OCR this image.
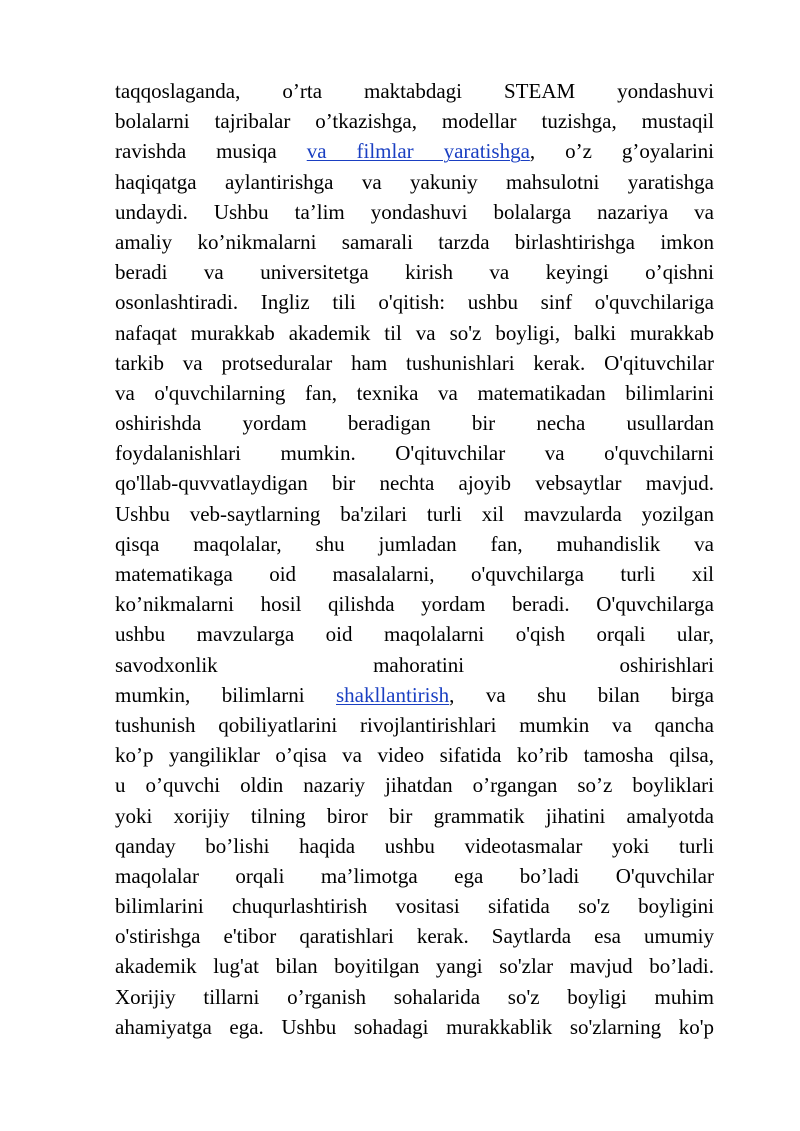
taqqoslaganda, o’rta maktabdagi STEAM yondashuvi
bolalarni tajribalar o’tkazishga, modellar tuzishga, mustaqil
ravishda musiqa va filmlar yaratishga, o’z g’oyalarini
haqiqatga aylantirishga va yakuniy mahsulotni yaratishga
undaydi. Ushbu ta’lim yondashuvi bolalarga nazariya va
amaliy ko’nikmalarni samarali tarzda birlashtirishga imkon
beradi va universitetga kirish va keyingi o’qishni
osonlashtiradi. Ingliz tili o'qitish: ushbu sinf o'quvchilariga
nafaqat murakkab akademik til va so'z boyligi, balki murakkab
tarkib va protseduralar ham tushunishlari kerak. O'qituvchilar
va o'quvchilarning fan, texnika va matematikadan bilimlarini
oshirishda yordam beradigan bir necha usullardan
foydalanishlari mumkin. O'qituvchilar va o'quvchilarni
qo'llab-quvvatlaydigan bir nechta ajoyib vebsaytlar mavjud.
Ushbu veb-saytlarning ba'zilari turli xil mavzularda yozilgan
qisqa maqolalar, shu jumladan fan, muhandislik va
matematikaga oid masalalarni, o'quvchilarga turli xil
ko’nikmalarni hosil qilishda yordam beradi. O'quvchilarga
ushbu mavzularga oid maqolalarni o'qish orqali ular,
savodxonlik mahoratini oshirishlari
mumkin, bilimlarni shakllantirish, va shu bilan birga
tushunish qobiliyatlarini rivojlantirishlari mumkin va qancha
ko’p yangiliklar o’qisa va video sifatida ko’rib tamosha qilsa,
u o’quvchi oldin nazariy jihatdan o’rgangan so’z boyliklari
yoki xorijiy tilning biror bir grammatik jihatini amalyotda
qanday bo’lishi haqida ushbu videotasmalar yoki turli
maqolalar orqali ma’limotga ega bo’ladi O'quvchilar
bilimlarini chuqurlashtirish vositasi sifatida so'z boyligini
o'stirishga e'tibor qaratishlari kerak. Saytlarda esa umumiy
akademik lug'at bilan boyitilgan yangi so'zlar mavjud bo’ladi.
Xorijiy tillarni o’rganish sohalarida so'z boyligi muhim
ahamiyatga ega. Ushbu sohadagi murakkablik so'zlarning ko'p
